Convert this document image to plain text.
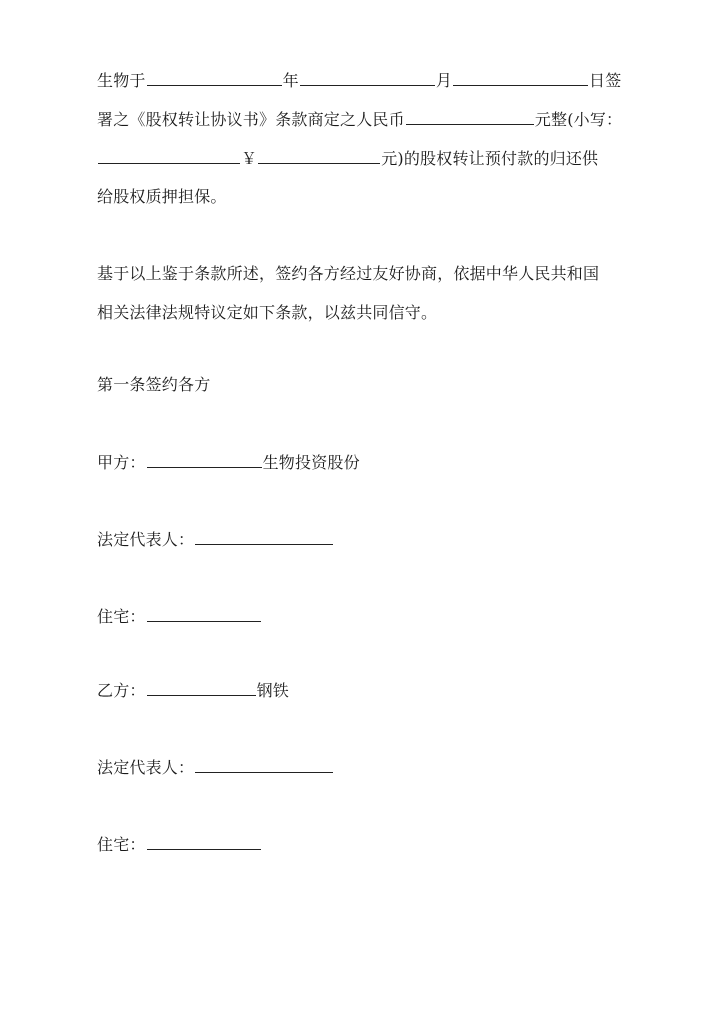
生物于	年	月	日签
署之《股权转让协议书》条款商定之人民币	元整(小写：
￥	元)的股权转让预付款的归还供
给股权质押担保。
基于以上鉴于条款所述，签约各方经过友好协商，依据中华人民共和国
相关法律法规特议定如下条款，以兹共同信守。
第一条签约各方
甲方：	生物投资股份
法定代表人：
住宅：
乙方：	钢铁
法定代表人：
住宅：
